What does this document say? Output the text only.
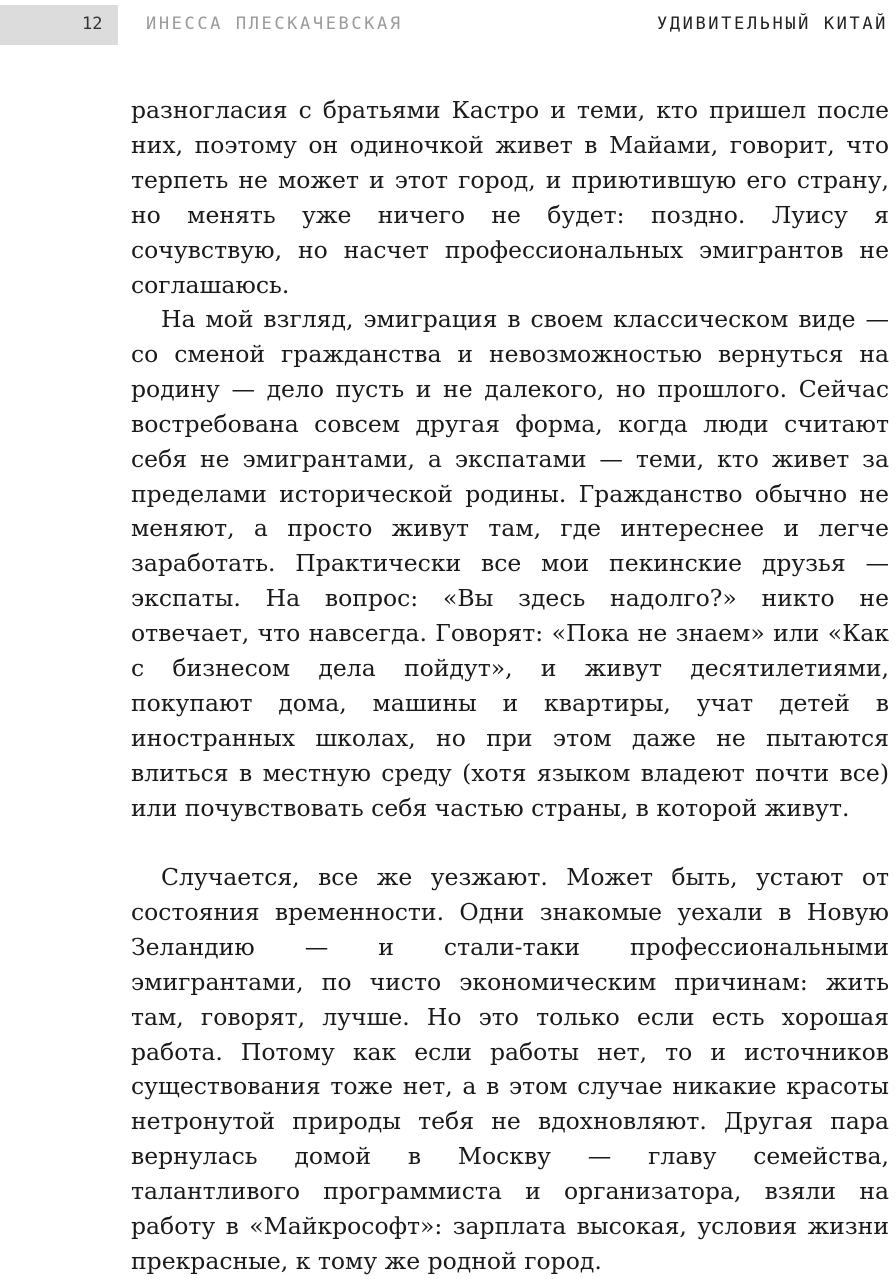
12	ИНЕССА ПЛЕСКАЧЕВСКАЯ	УДИВИТЕЛЬНЫЙ КИТАЙ
разногласия с братьями Кастро и теми, кто пришел после них, поэтому он одиночкой живет в Майами, говорит, что терпеть не может и этот город, и приютившую его страну, но менять уже ничего не будет: поздно. Луису я сочувствую, но насчет профессиональных эмигрантов не соглашаюсь.
На мой взгляд, эмиграция в своем классическом виде — со сменой гражданства и невозможностью вернуться на родину — дело пусть и не далекого, но прошлого. Сейчас востребована совсем другая форма, когда люди считают себя не эмигрантами, а экспатами — теми, кто живет за пределами исторической родины. Гражданство обычно не меняют, а просто живут там, где интереснее и легче заработать. Практически все мои пекинские друзья — экспаты. На вопрос: «Вы здесь надолго?» никто не отвечает, что навсегда. Говорят: «Пока не знаем» или «Как с бизнесом дела пойдут», и живут десятилетиями, покупают дома, машины и квартиры, учат детей в иностранных школах, но при этом даже не пытаются влиться в местную среду (хотя языком владеют почти все) или почувствовать себя частью страны, в которой живут.
Случается, все же уезжают. Может быть, устают от состояния временности. Одни знакомые уехали в Новую Зеландию — и стали-таки профессиональными эмигрантами, по чисто экономическим причинам: жить там, говорят, лучше. Но это только если есть хорошая работа. Потому как если работы нет, то и источников существования тоже нет, а в этом случае никакие красоты нетронутой природы тебя не вдохновляют. Другая пара вернулась домой в Москву — главу семейства, талантливого программиста и организатора, взяли на работу в «Майкрософт»: зарплата высокая, условия жизни прекрасные, к тому же родной город.
